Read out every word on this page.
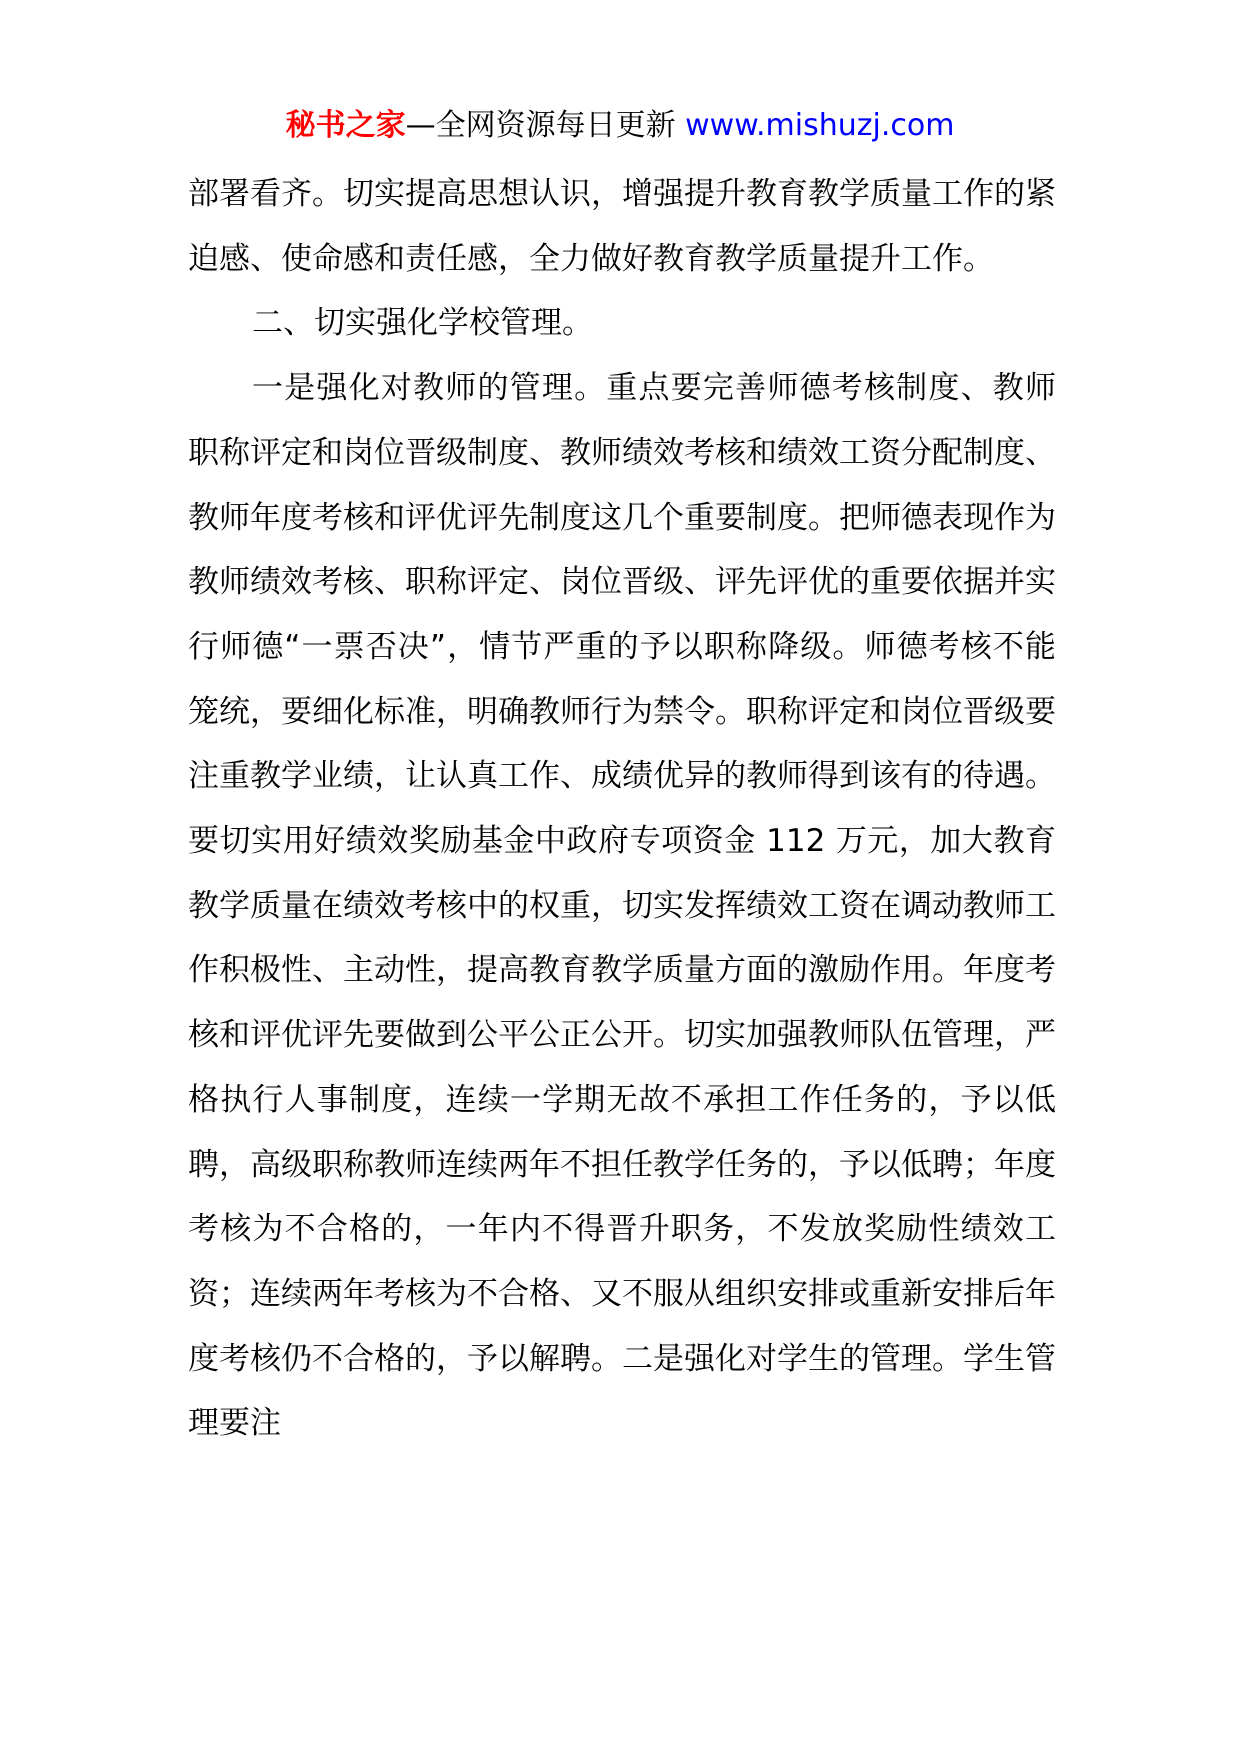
秘书之家—全网资源每日更新 www.mishuzj.com

部署看齐。切实提高思想认识，增强提升教育教学质量工作的紧迫感、使命感和责任感，全力做好教育教学质量提升工作。

二、切实强化学校管理。

一是强化对教师的管理。重点要完善师德考核制度、教师职称评定和岗位晋级制度、教师绩效考核和绩效工资分配制度、教师年度考核和评优评先制度这几个重要制度。把师德表现作为教师绩效考核、职称评定、岗位晋级、评先评优的重要依据并实行师德“一票否决”，情节严重的予以职称降级。师德考核不能笼统，要细化标准，明确教师行为禁令。职称评定和岗位晋级要注重教学业绩，让认真工作、成绩优异的教师得到该有的待遇。要切实用好绩效奖励基金中政府专项资金 112 万元，加大教育教学质量在绩效考核中的权重，切实发挥绩效工资在调动教师工作积极性、主动性，提高教育教学质量方面的激励作用。年度考核和评优评先要做到公平公正公开。切实加强教师队伍管理，严格执行人事制度，连续一学期无故不承担工作任务的，予以低聘，高级职称教师连续两年不担任教学任务的，予以低聘；年度考核为不合格的，一年内不得晋升职务，不发放奖励性绩效工资；连续两年考核为不合格、又不服从组织安排或重新安排后年度考核仍不合格的，予以解聘。二是强化对学生的管理。学生管理要注
